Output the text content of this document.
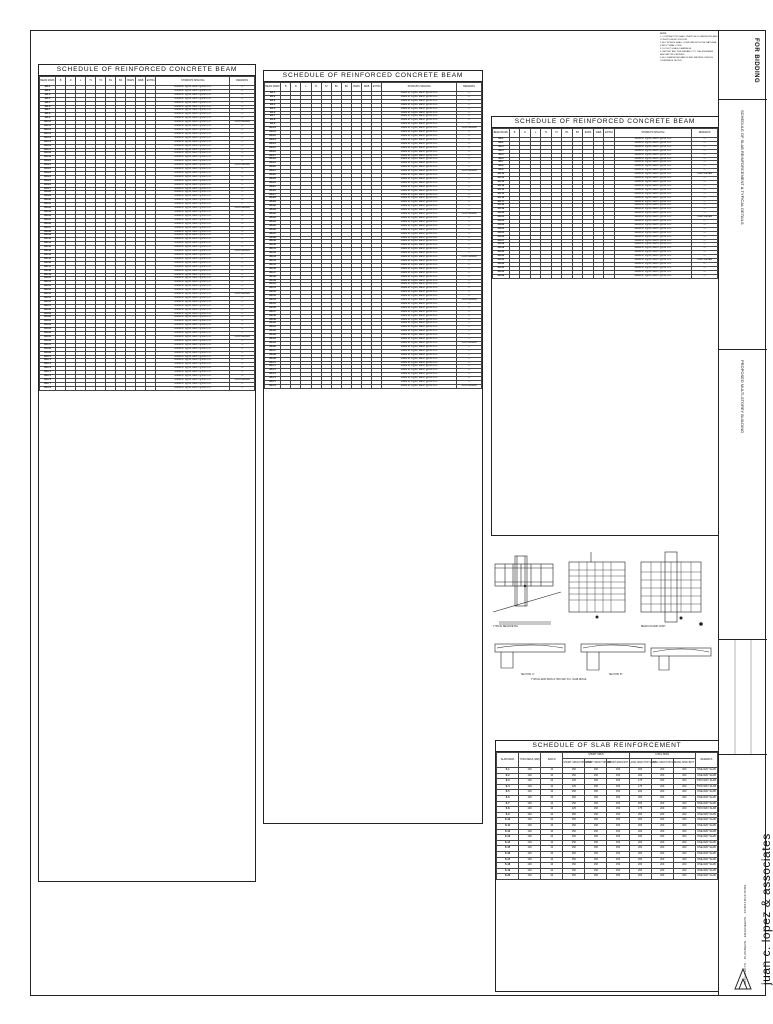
SCHEDULE OF REINFORCED CONCRETE BEAM
BEAM MARK	B	D	L	T1	T2	B1	B2	BARS	WEB	EXTRA	STIRRUPS SPACING	REMARKS
RB-1											10MM Ø: 1@50, REST @150 O.C.	—
RB-2											10MM Ø: 1@50, REST @150 O.C.	—
RB-3											10MM Ø: 1@50, REST @150 O.C.	—
RB-4											10MM Ø: 1@50, REST @150 O.C.	—
RB-5											10MM Ø: 1@50, REST @150 O.C.	—
RB-6											10MM Ø: 1@50, REST @150 O.C.	—
RB-7											10MM Ø: 1@50, REST @150 O.C.	—
RB-8											10MM Ø: 1@50, REST @150 O.C.	—
RB-9											10MM Ø: 1@50, REST @150 O.C.	—
RB-10											10MM Ø: 1@50, REST @150 O.C.	CANTILEVER
RB-11											10MM Ø: 1@50, REST @150 O.C.	—
RB-12											10MM Ø: 1@50, REST @150 O.C.	—
RB-13											10MM Ø: 1@50, REST @150 O.C.	—
RB-14											10MM Ø: 1@50, REST @150 O.C.	—
RB-15											10MM Ø: 1@50, REST @150 O.C.	—
RB-16											10MM Ø: 1@50, REST @150 O.C.	—
RB-17											10MM Ø: 1@50, REST @150 O.C.	—
RB-18											10MM Ø: 1@50, REST @150 O.C.	—
RB-19											10MM Ø: 1@50, REST @150 O.C.	—
RB-20											10MM Ø: 1@50, REST @150 O.C.	—
RB-21											10MM Ø: 1@50, REST @150 O.C.	CANTILEVER
RB-22											10MM Ø: 1@50, REST @150 O.C.	—
RB-23											10MM Ø: 1@50, REST @150 O.C.	—
RB-24											10MM Ø: 1@50, REST @150 O.C.	—
RB-25											10MM Ø: 1@50, REST @150 O.C.	—
RB-26											10MM Ø: 1@50, REST @150 O.C.	—
RB-27											10MM Ø: 1@50, REST @150 O.C.	—
RB-28											10MM Ø: 1@50, REST @150 O.C.	—
RB-29											10MM Ø: 1@50, REST @150 O.C.	—
RB-30											10MM Ø: 1@50, REST @150 O.C.	—
RB-31											10MM Ø: 1@50, REST @150 O.C.	—
RB-32											10MM Ø: 1@50, REST @150 O.C.	CANTILEVER
RB-33											10MM Ø: 1@50, REST @150 O.C.	—
RB-34											10MM Ø: 1@50, REST @150 O.C.	—
RB-35											10MM Ø: 1@50, REST @150 O.C.	—
RB-36											10MM Ø: 1@50, REST @150 O.C.	—
RB-37											10MM Ø: 1@50, REST @150 O.C.	—
RB-38											10MM Ø: 1@50, REST @150 O.C.	—
RB-39											10MM Ø: 1@50, REST @150 O.C.	—
RB-40											10MM Ø: 1@50, REST @150 O.C.	—
RB-41											10MM Ø: 1@50, REST @150 O.C.	—
RB-42											10MM Ø: 1@50, REST @150 O.C.	—
RB-43											10MM Ø: 1@50, REST @150 O.C.	CANTILEVER
RB-44											10MM Ø: 1@50, REST @150 O.C.	—
RB-45											10MM Ø: 1@50, REST @150 O.C.	—
RB-46											10MM Ø: 1@50, REST @150 O.C.	—
RB-47											10MM Ø: 1@50, REST @150 O.C.	—
RB-48											10MM Ø: 1@50, REST @150 O.C.	—
RB-49											10MM Ø: 1@50, REST @150 O.C.	—
RB-50											10MM Ø: 1@50, REST @150 O.C.	—
RB-51											10MM Ø: 1@50, REST @150 O.C.	—
RB-52											10MM Ø: 1@50, REST @150 O.C.	—
RB-53											10MM Ø: 1@50, REST @150 O.C.	—
RB-54											10MM Ø: 1@50, REST @150 O.C.	CANTILEVER
RB-55											10MM Ø: 1@50, REST @150 O.C.	—
RB-56											10MM Ø: 1@50, REST @150 O.C.	—
RB-57											10MM Ø: 1@50, REST @150 O.C.	—
RB-58											10MM Ø: 1@50, REST @150 O.C.	—
RB-59											10MM Ø: 1@50, REST @150 O.C.	—
RB-60											10MM Ø: 1@50, REST @150 O.C.	—
RB-61											10MM Ø: 1@50, REST @150 O.C.	—
RB-62											10MM Ø: 1@50, REST @150 O.C.	—
RB-63											10MM Ø: 1@50, REST @150 O.C.	—
RB-64											10MM Ø: 1@50, REST @150 O.C.	—
RB-65											10MM Ø: 1@50, REST @150 O.C.	CANTILEVER
RB-66											10MM Ø: 1@50, REST @150 O.C.	—
RB-67											10MM Ø: 1@50, REST @150 O.C.	—
RB-68											10MM Ø: 1@50, REST @150 O.C.	—
RB-69											10MM Ø: 1@50, REST @150 O.C.	—
RB-70											10MM Ø: 1@50, REST @150 O.C.	—
RB-71											10MM Ø: 1@50, REST @150 O.C.	—
RB-72											10MM Ø: 1@50, REST @150 O.C.	—
RB-73											10MM Ø: 1@50, REST @150 O.C.	—
RB-74											10MM Ø: 1@50, REST @150 O.C.	—
RB-75											10MM Ø: 1@50, REST @150 O.C.	—
RB-76											10MM Ø: 1@50, REST @150 O.C.	CANTILEVER
RB-77											10MM Ø: 1@50, REST @150 O.C.	—
RB-78											10MM Ø: 1@50, REST @150 O.C.	—
SCHEDULE OF REINFORCED CONCRETE BEAM
BEAM MARK	B	D	L	T1	T2	B1	B2	BARS	WEB	EXTRA	STIRRUPS SPACING	REMARKS
2B-1											10MM Ø: 1@50, REST @150 O.C.	—
2B-2											10MM Ø: 1@50, REST @150 O.C.	—
2B-3											10MM Ø: 1@50, REST @150 O.C.	—
2B-4											10MM Ø: 1@50, REST @150 O.C.	—
2B-5											10MM Ø: 1@50, REST @150 O.C.	—
2B-6											10MM Ø: 1@50, REST @150 O.C.	—
2B-7											10MM Ø: 1@50, REST @150 O.C.	—
2B-8											10MM Ø: 1@50, REST @150 O.C.	—
2B-9											10MM Ø: 1@50, REST @150 O.C.	—
2B-10											10MM Ø: 1@50, REST @150 O.C.	CANTILEVER
2B-11											10MM Ø: 1@50, REST @150 O.C.	—
2B-12											10MM Ø: 1@50, REST @150 O.C.	—
2B-13											10MM Ø: 1@50, REST @150 O.C.	—
2B-14											10MM Ø: 1@50, REST @150 O.C.	—
2B-15											10MM Ø: 1@50, REST @150 O.C.	—
2B-16											10MM Ø: 1@50, REST @150 O.C.	—
2B-17											10MM Ø: 1@50, REST @150 O.C.	—
2B-18											10MM Ø: 1@50, REST @150 O.C.	—
2B-19											10MM Ø: 1@50, REST @150 O.C.	—
2B-20											10MM Ø: 1@50, REST @150 O.C.	—
2B-21											10MM Ø: 1@50, REST @150 O.C.	CANTILEVER
2B-22											10MM Ø: 1@50, REST @150 O.C.	—
2B-23											10MM Ø: 1@50, REST @150 O.C.	—
2B-24											10MM Ø: 1@50, REST @150 O.C.	—
2B-25											10MM Ø: 1@50, REST @150 O.C.	—
2B-26											10MM Ø: 1@50, REST @150 O.C.	—
2B-27											10MM Ø: 1@50, REST @150 O.C.	—
2B-28											10MM Ø: 1@50, REST @150 O.C.	—
2B-29											10MM Ø: 1@50, REST @150 O.C.	—
2B-30											10MM Ø: 1@50, REST @150 O.C.	—
2B-31											10MM Ø: 1@50, REST @150 O.C.	—
2B-32											10MM Ø: 1@50, REST @150 O.C.	CANTILEVER
2B-33											10MM Ø: 1@50, REST @150 O.C.	—
2B-34											10MM Ø: 1@50, REST @150 O.C.	—
2B-35											10MM Ø: 1@50, REST @150 O.C.	—
2B-36											10MM Ø: 1@50, REST @150 O.C.	—
2B-37											10MM Ø: 1@50, REST @150 O.C.	—
2B-38											10MM Ø: 1@50, REST @150 O.C.	—
2B-39											10MM Ø: 1@50, REST @150 O.C.	—
2B-40											10MM Ø: 1@50, REST @150 O.C.	—
2B-41											10MM Ø: 1@50, REST @150 O.C.	—
2B-42											10MM Ø: 1@50, REST @150 O.C.	—
2B-43											10MM Ø: 1@50, REST @150 O.C.	CANTILEVER
2B-44											10MM Ø: 1@50, REST @150 O.C.	—
2B-45											10MM Ø: 1@50, REST @150 O.C.	—
2B-46											10MM Ø: 1@50, REST @150 O.C.	—
2B-47											10MM Ø: 1@50, REST @150 O.C.	—
2B-48											10MM Ø: 1@50, REST @150 O.C.	—
2B-49											10MM Ø: 1@50, REST @150 O.C.	—
2B-50											10MM Ø: 1@50, REST @150 O.C.	—
2B-51											10MM Ø: 1@50, REST @150 O.C.	—
2B-52											10MM Ø: 1@50, REST @150 O.C.	—
2B-53											10MM Ø: 1@50, REST @150 O.C.	—
2B-54											10MM Ø: 1@50, REST @150 O.C.	CANTILEVER
2B-55											10MM Ø: 1@50, REST @150 O.C.	—
2B-56											10MM Ø: 1@50, REST @150 O.C.	—
2B-57											10MM Ø: 1@50, REST @150 O.C.	—
2B-58											10MM Ø: 1@50, REST @150 O.C.	—
2B-59											10MM Ø: 1@50, REST @150 O.C.	—
2B-60											10MM Ø: 1@50, REST @150 O.C.	—
2B-61											10MM Ø: 1@50, REST @150 O.C.	—
2B-62											10MM Ø: 1@50, REST @150 O.C.	—
2B-63											10MM Ø: 1@50, REST @150 O.C.	—
2B-64											10MM Ø: 1@50, REST @150 O.C.	—
2B-65											10MM Ø: 1@50, REST @150 O.C.	CANTILEVER
2B-66											10MM Ø: 1@50, REST @150 O.C.	—
2B-67											10MM Ø: 1@50, REST @150 O.C.	—
2B-68											10MM Ø: 1@50, REST @150 O.C.	—
2B-69											10MM Ø: 1@50, REST @150 O.C.	—
2B-70											10MM Ø: 1@50, REST @150 O.C.	—
2B-71											10MM Ø: 1@50, REST @150 O.C.	—
2B-72											10MM Ø: 1@50, REST @150 O.C.	—
2B-73											10MM Ø: 1@50, REST @150 O.C.	—
2B-74											10MM Ø: 1@50, REST @150 O.C.	—
2B-75											10MM Ø: 1@50, REST @150 O.C.	—
2B-76											10MM Ø: 1@50, REST @150 O.C.	CANTILEVER
SCHEDULE OF REINFORCED CONCRETE BEAM
BEAM MARK	B	D	L	T1	T2	B1	B2	BARS	WEB	EXTRA	STIRRUPS SPACING	REMARKS
3B-1											10MM Ø: 1@50, REST @150 O.C.	—
3B-2											10MM Ø: 1@50, REST @150 O.C.	—
3B-3											10MM Ø: 1@50, REST @150 O.C.	—
3B-4											10MM Ø: 1@50, REST @150 O.C.	—
3B-5											10MM Ø: 1@50, REST @150 O.C.	—
3B-6											10MM Ø: 1@50, REST @150 O.C.	—
3B-7											10MM Ø: 1@50, REST @150 O.C.	—
3B-8											10MM Ø: 1@50, REST @150 O.C.	—
3B-9											10MM Ø: 1@50, REST @150 O.C.	—
3B-10											10MM Ø: 1@50, REST @150 O.C.	CANTILEVER
3B-11											10MM Ø: 1@50, REST @150 O.C.	—
3B-12											10MM Ø: 1@50, REST @150 O.C.	—
3B-13											10MM Ø: 1@50, REST @150 O.C.	—
3B-14											10MM Ø: 1@50, REST @150 O.C.	—
3B-15											10MM Ø: 1@50, REST @150 O.C.	—
3B-16											10MM Ø: 1@50, REST @150 O.C.	—
3B-17											10MM Ø: 1@50, REST @150 O.C.	—
3B-18											10MM Ø: 1@50, REST @150 O.C.	—
3B-19											10MM Ø: 1@50, REST @150 O.C.	—
3B-20											10MM Ø: 1@50, REST @150 O.C.	—
3B-21											10MM Ø: 1@50, REST @150 O.C.	CANTILEVER
3B-22											10MM Ø: 1@50, REST @150 O.C.	—
3B-23											10MM Ø: 1@50, REST @150 O.C.	—
3B-24											10MM Ø: 1@50, REST @150 O.C.	—
3B-25											10MM Ø: 1@50, REST @150 O.C.	—
3B-26											10MM Ø: 1@50, REST @150 O.C.	—
3B-27											10MM Ø: 1@50, REST @150 O.C.	—
3B-28											10MM Ø: 1@50, REST @150 O.C.	—
3B-29											10MM Ø: 1@50, REST @150 O.C.	—
3B-30											10MM Ø: 1@50, REST @150 O.C.	—
3B-31											10MM Ø: 1@50, REST @150 O.C.	—
3B-32											10MM Ø: 1@50, REST @150 O.C.	CANTILEVER
3B-33											10MM Ø: 1@50, REST @150 O.C.	—
3B-34											10MM Ø: 1@50, REST @150 O.C.	—
3B-35											10MM Ø: 1@50, REST @150 O.C.	—
3B-36											10MM Ø: 1@50, REST @150 O.C.	—
TYPICAL BEAM DETAIL
SECTION 'A'	SECTION 'B'
TYPICAL END SPAN & TWO WAY R.C. SLAB DETAIL
BEAM-COLUMN JOINT
SCHEDULE OF SLAB REINFORCEMENT
SLAB MARK	THICKNESS (MM)	BAR Ø	SHORT SPAN			LONG SPAN			REMARKS
			SHORT SPAN TOP CONT.	SHORT SPAN TOP MID	SHORT SPAN BOT	LONG SPAN TOP CONT.	LONG SPAN TOP MID	LONG SPAN BOT	
S-1	100	10	150	150	150	200	200	200	ONE-WAY SLAB
S-2	100	10	150	150	150	200	200	200	ONE-WAY SLAB
S-3	100	10	125	150	150	175	200	200	TWO-WAY SLAB
S-4	100	10	125	150	150	175	200	200	TWO-WAY SLAB
S-5	100	10	150	150	150	200	200	200	ONE-WAY SLAB
S-6	100	10	150	150	150	200	200	200	ONE-WAY SLAB
S-7	100	10	150	150	150	200	200	200	ONE-WAY SLAB
S-8	100	10	125	150	150	175	200	200	TWO-WAY SLAB
S-9	100	10	150	150	150	200	200	200	ONE-WAY SLAB
S-10	100	10	150	150	150	200	200	200	ONE-WAY SLAB
S-11	100	10	150	150	150	200	200	200	ONE-WAY SLAB
S-12	100	10	150	150	150	200	200	200	ONE-WAY SLAB
S-13	100	10	150	150	150	200	200	200	ONE-WAY SLAB
S-14	100	10	150	150	150	200	200	200	ONE-WAY SLAB
S-15	100	10	150	150	150	200	200	200	ONE-WAY SLAB
S-16	100	10	150	150	150	200	200	200	ONE-WAY SLAB
S-17	100	10	150	150	150	200	200	200	ONE-WAY SLAB
S-18	100	10	150	150	150	200	200	200	ONE-WAY SLAB
S-19	100	10	150	150	150	200	200	200	ONE-WAY SLAB
S-20	100	10	150	150	150	200	200	200	ONE-WAY SLAB
NOTE:
1. CONTRACTOR SHALL VERIFY ALL DIMENSIONS AND CONDITIONS AT JOB SITE.
2. ALL WORKS SHALL CONFORM WITH THE NATIONAL STRUCTURAL CODE.
3. DO NOT SCALE DRAWINGS.
4. REPORT ANY DISCREPANCY TO THE ENGINEER BEFORE PROCEEDING.
5. ALL DIMENSIONS ARE IN MILLIMETERS UNLESS OTHERWISE NOTED.	FOR BIDDING
SCHEDULE OF SLAB REINFORCEMENT & TYPICAL DETAILS
PROPOSED MULTI-STOREY BUILDING
juan c. lopez & associates
ARCHITECTS · PLANNERS · ENGINEERS · CONSTRUCTORS
